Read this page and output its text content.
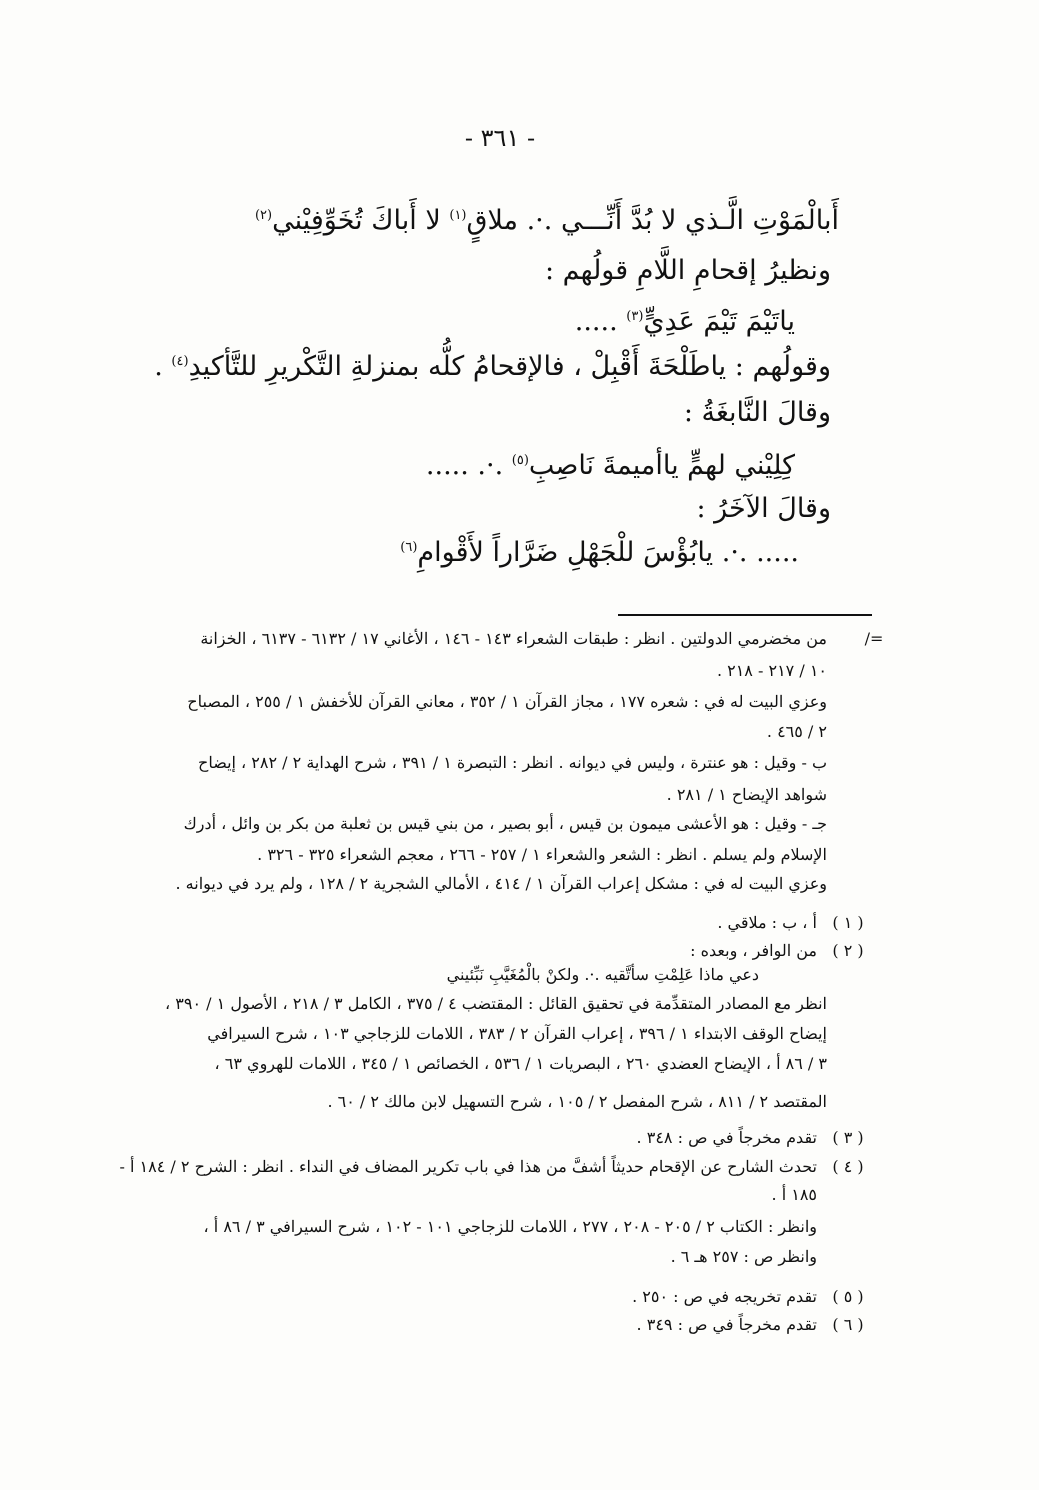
- ٣٦١ -
أَبالْمَوْتِ الَّـذي لا بُدَّ أَنِّـــي ‎.·.‏ ملاقٍ$^{(١)}$ لا أَباكَ تُخَوِّفِيْني$^{(٢)}$
ونظيرُ إقحامِ اللَّامِ قولُهم :
ياتَيْمَ تَيْمَ عَدِيٍّ$^{(٣)}$ .....
وقولُهم : ياطَلْحَةَ أَقْبِلْ ، فالإقحامُ كلُّه بمنزلةِ التَّكْريرِ للتَّأكيدِ$^{(٤)}$ .
وقالَ النَّابغَةُ :
كِلِيْني لهمٍّ ياأميمةَ نَاصِبِ$^{(٥)}$ ‎.·.‏ .....
وقالَ الآخَرُ :
..... ‎.·.‏ يابُؤْسَ للْجَهْلِ ضَرَّاراً لأَقْوامِ$^{(٦)}$
/=
من مخضرمي الدولتين . انظر : طبقات الشعراء ١٤٣ - ١٤٦ ، الأغاني ١٧ / ٦١٣٢ - ٦١٣٧ ، الخزانة
١٠ / ٢١٧ - ٢١٨ .
وعزي البيت له في : شعره ١٧٧ ، مجاز القرآن ١ / ٣٥٢ ، معاني القرآن للأخفش ١ / ٢٥٥ ، المصباح
٢ / ٤٦٥ .
ب - وقيل : هو عنترة ، وليس في ديوانه . انظر : التبصرة ١ / ٣٩١ ، شرح الهداية ٢ / ٢٨٢ ، إيضاح
شواهد الإيضاح ١ / ٢٨١ .
جـ - وقيل : هو الأعشى ميمون بن قيس ، أبو بصير ، من بني قيس بن ثعلبة من بكر بن وائل ، أدرك
الإسلام ولم يسلم . انظر : الشعر والشعراء ١ / ٢٥٧ - ٢٦٦ ، معجم الشعراء ٣٢٥ - ٣٢٦ .
وعزي البيت له في : مشكل إعراب القرآن ١ / ٤١٤ ، الأمالي الشجرية ٢ / ١٢٨ ، ولم يرد في ديوانه .
( ١ )
أ ، ب : ملاقي .
( ٢ )
من الوافر ، وبعده :
دعي ماذا عَلِمْتِ سأتَّقيه ‎.·.‏ ولكنْ بالْمُغَيَّبِ نَبِّئيني
انظر مع المصادر المتقدِّمة في تحقيق القائل : المقتضب ٤ / ٣٧٥ ، الكامل ٣ / ٢١٨ ، الأصول ١ / ٣٩٠ ،
إيضاح الوقف الابتداء ١ / ٣٩٦ ، إعراب القرآن ٢ / ٣٨٣ ، اللامات للزجاجي ١٠٣ ، شرح السيرافي
٣ / ٨٦ أ ، الإيضاح العضدي ٢٦٠ ، البصريات ١ / ٥٣٦ ، الخصائص ١ / ٣٤٥ ، اللامات للهروي ٦٣ ،
المقتصد ٢ / ٨١١ ، شرح المفصل ٢ / ١٠٥ ، شرح التسهيل لابن مالك ٢ / ٦٠ .
( ٣ )
تقدم مخرجاً في ص : ٣٤٨ .
( ٤ )
تحدث الشارح عن الإقحام حديثاً أشفَّ من هذا في باب تكرير المضاف في النداء . انظر : الشرح ٢ / ١٨٤ أ -
١٨٥ أ .
وانظر : الكتاب ٢ / ٢٠٥ - ٢٠٨ ، ٢٧٧ ، اللامات للزجاجي ١٠١ - ١٠٢ ، شرح السيرافي ٣ / ٨٦ أ ،
وانظر ص : ٢٥٧ هـ ٦ .
( ٥ )
تقدم تخريجه في ص : ٢٥٠ .
( ٦ )
تقدم مخرجاً في ص : ٣٤٩ .
